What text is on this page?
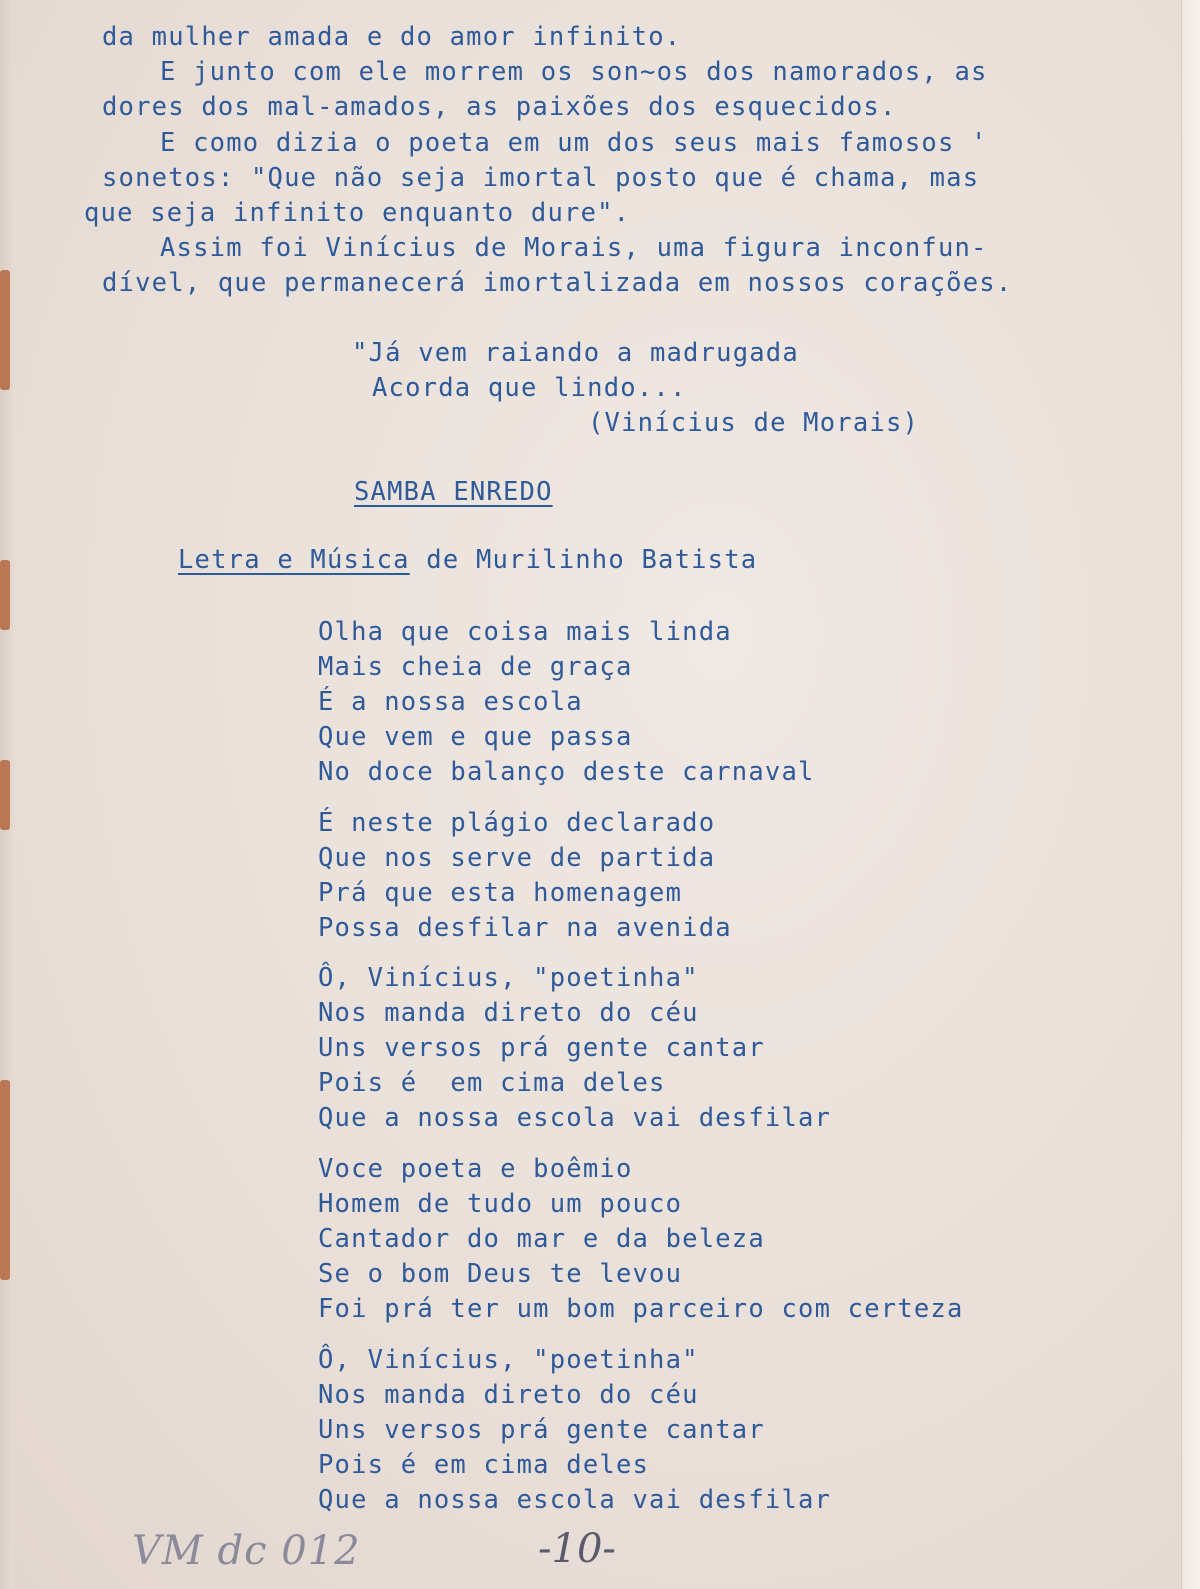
da mulher amada e do amor infinito.
E junto com ele morrem os son~os dos namorados, as
dores dos mal-amados, as paixões dos esquecidos.
E como dizia o poeta em um dos seus mais famosos '
sonetos: "Que não seja imortal posto que é chama, mas
que seja infinito enquanto dure".
Assim foi Vinícius de Morais, uma figura inconfun-
dível, que permanecerá imortalizada em nossos corações.
"Já vem raiando a madrugada
Acorda que lindo...
(Vinícius de Morais)
SAMBA ENREDO
Letra e Música de Murilinho Batista
Olha que coisa mais linda
Mais cheia de graça
É a nossa escola
Que vem e que passa
No doce balanço deste carnaval
É neste plágio declarado
Que nos serve de partida
Prá que esta homenagem
Possa desfilar na avenida
Ô, Vinícius, "poetinha"
Nos manda direto do céu
Uns versos prá gente cantar
Pois é  em cima deles
Que a nossa escola vai desfilar
Voce poeta e boêmio
Homem de tudo um pouco
Cantador do mar e da beleza
Se o bom Deus te levou
Foi prá ter um bom parceiro com certeza
Ô, Vinícius, "poetinha"
Nos manda direto do céu
Uns versos prá gente cantar
Pois é em cima deles
Que a nossa escola vai desfilar
VM dc 012	-10-
